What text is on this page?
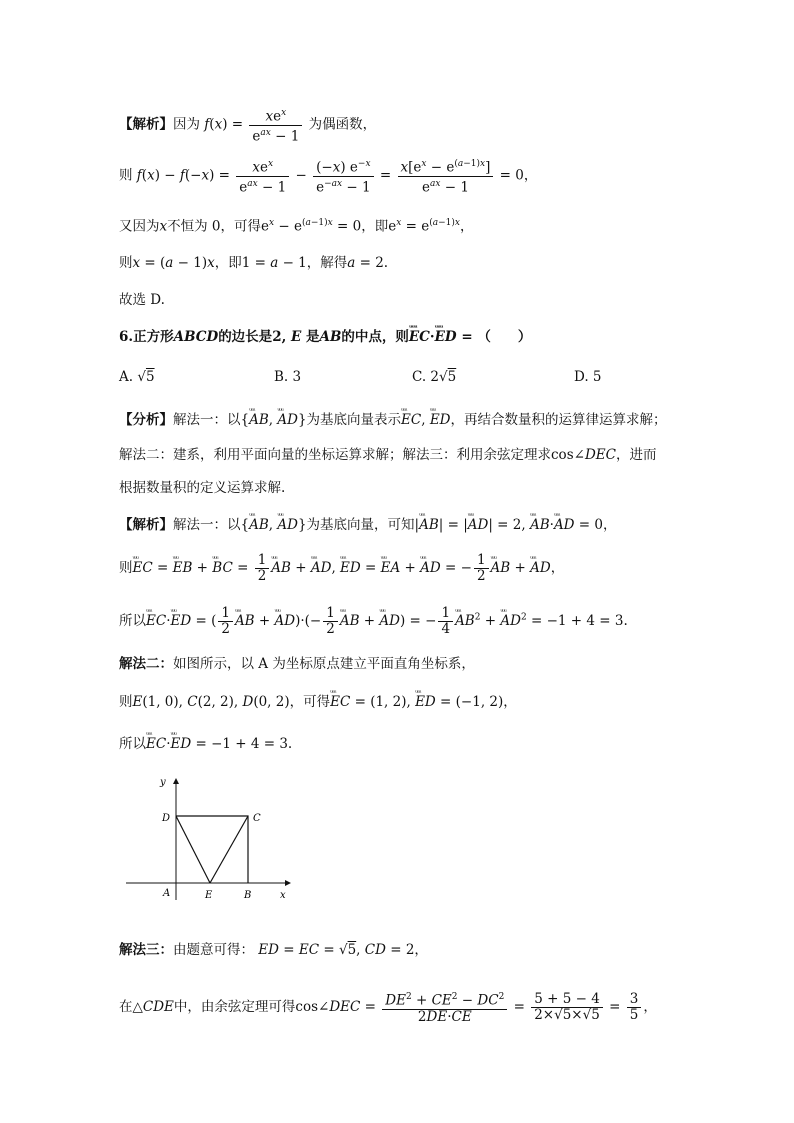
【解析】因为 $f(x) = \frac{xe^x}{e^{ax} - 1}$ 为偶函数，
则 $f(x) - f(-x) = \frac{xe^x}{e^{ax} - 1} - \frac{(-x) e^{-x}}{e^{-ax} - 1} = \frac{x[e^x - e^{(a-1)x}]}{e^{ax} - 1} = 0$，
又因为x不恒为 0，可得$e^x - e^{(a-1)x} = 0$，即$e^x = e^{(a-1)x}$，
则x = (a − 1)x，即1 = a − 1，解得a = 2.
故选 D.
6.正方形ABCD的边长是2, E 是AB的中点，则ᵘᵘᵘ EC·ᵘᵘᵘ ED = （　　）
A. √5	B. 3	C. 2√5	D. 5
【分析】解法一：以{ᵘᵘᵘ AB, ᵘᵘᵘ AD}为基底向量表示ᵘᵘᵘ EC, ᵘᵘᵘ ED，再结合数量积的运算律运算求解；
解法二：建系，利用平面向量的坐标运算求解；解法三：利用余弦定理求cos∠DEC，进而
根据数量积的定义运算求解.
【解析】解法一：以{ᵘᵘᵘ AB, ᵘᵘᵘ AD}为基底向量，可知|ᵘᵘᵘ AB| = |ᵘᵘᵘ AD| = 2, ᵘᵘᵘ AB·ᵘᵘᵘ AD = 0，
则ᵘᵘᵘ EC = ᵘᵘᵘ EB + ᵘᵘᵘ BC = $\frac{1}{2}$ ᵘᵘᵘ AB + ᵘᵘᵘ AD, ᵘᵘᵘ ED = ᵘᵘᵘ EA + ᵘᵘᵘ AD = − $\frac{1}{2}$ ᵘᵘᵘ AB + ᵘᵘᵘ AD，
所以ᵘᵘᵘ EC·ᵘᵘᵘ ED = ( $\frac{1}{2}$ ᵘᵘᵘ AB + ᵘᵘᵘ $AD)\cdot(- \frac{1}{2}$ ᵘᵘᵘ AB + ᵘᵘᵘ AD) = − $\frac{1}{4}$ ᵘᵘᵘ $AB^2$ + ᵘᵘᵘ $AD^2 = -1 + 4 = 3$.
解法二：如图所示，以 A 为坐标原点建立平面直角坐标系，
则E(1, 0), C(2, 2), D(0, 2)，可得ᵘᵘᵘ EC = (1, 2), ᵘᵘᵘ ED = (−1, 2)，
所以ᵘᵘᵘ EC·ᵘᵘᵘ ED = −1 + 4 = 3.
y
x
D	C
A	E	B
解法三：由题意可得： ED = EC = √5, CD = 2，
在△CDE中，由余弦定理可得cos∠DEC = $\frac{DE^2 + CE^2 - DC^2}{2DE\cdot CE} = \frac{5 + 5 - 4}{2\times√5\times√5} = \frac{3}{5}$ ，
